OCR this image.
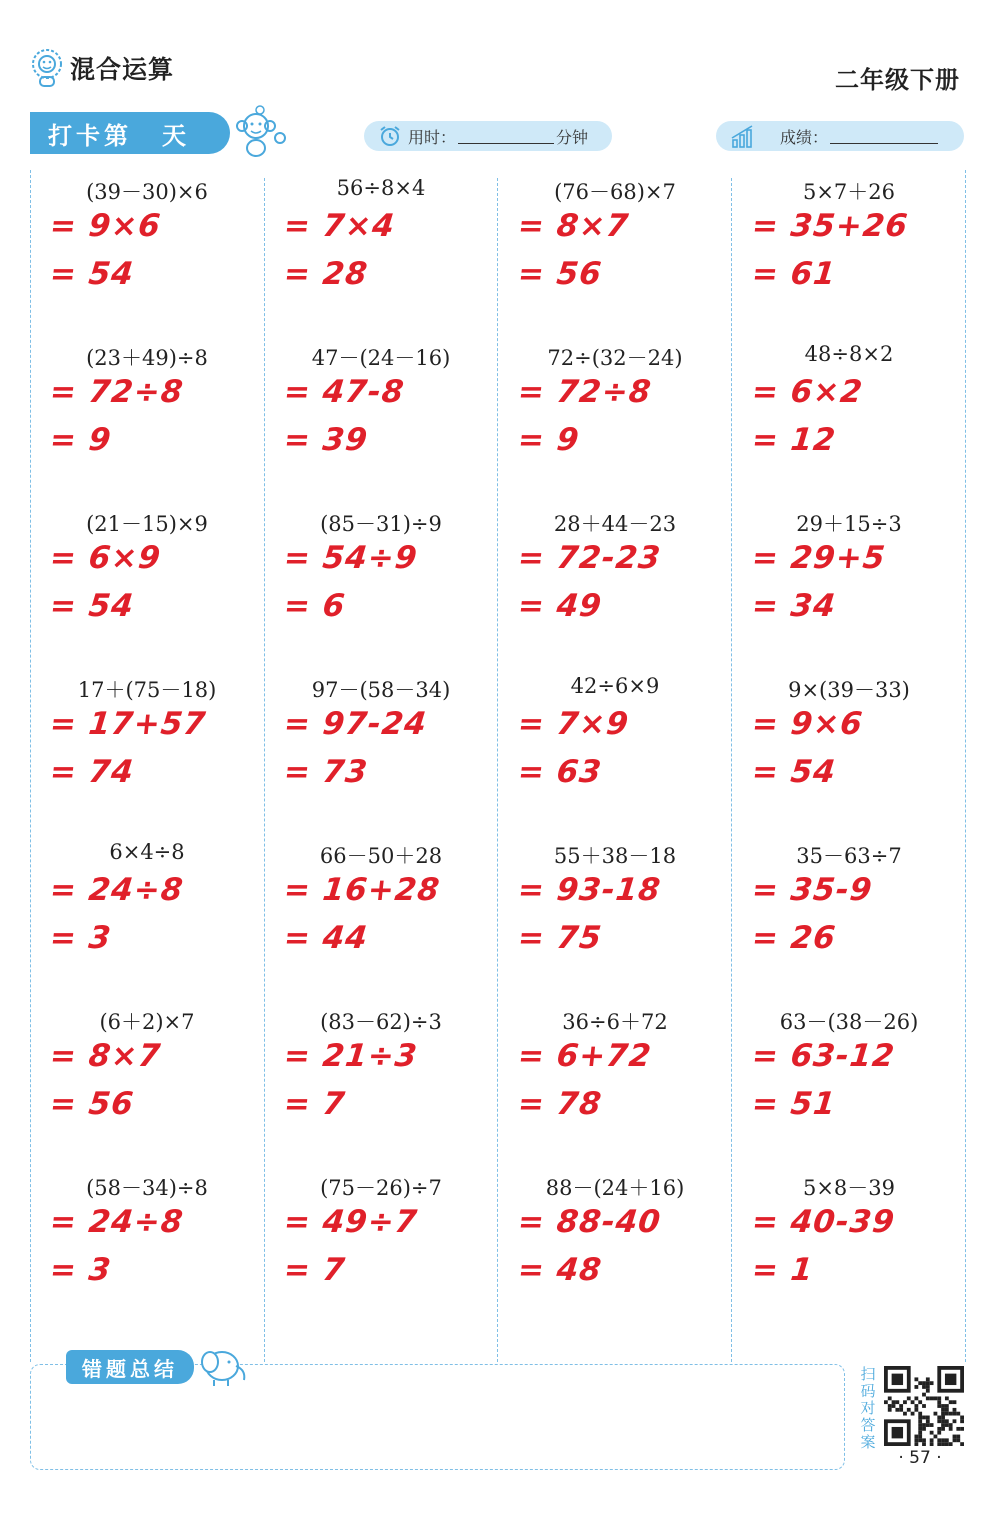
混合运算	二年级下册
打卡第 天	用时：	分钟	成绩：
(39－30)×6
= 9×6
= 54
(23＋49)÷8
= 72÷8
= 9
(21－15)×9
= 6×9
= 54
17＋(75－18)
= 17+57
= 74
6×4÷8
= 24÷8
= 3
(6＋2)×7
= 8×7
= 56
(58－34)÷8
= 24÷8
= 3
56÷8×4
= 7×4
= 28
47－(24－16)
= 47-8
= 39
(85－31)÷9
= 54÷9
= 6
97－(58－34)
= 97-24
= 73
66－50＋28
= 16+28
= 44
(83－62)÷3
= 21÷3
= 7
(75－26)÷7
= 49÷7
= 7
(76－68)×7
= 8×7
= 56
72÷(32－24)
= 72÷8
= 9
28＋44－23
= 72-23
= 49
42÷6×9
= 7×9
= 63
55＋38－18
= 93-18
= 75
36÷6＋72
= 6+72
= 78
88－(24＋16)
= 88-40
= 48
5×7＋26
= 35+26
= 61
48÷8×2
= 6×2
= 12
29＋15÷3
= 29+5
= 34
9×(39－33)
= 9×6
= 54
35－63÷7
= 35-9
= 26
63－(38－26)
= 63-12
= 51
5×8－39
= 40-39
= 1
错题总结	扫码对答案
· 57 ·
